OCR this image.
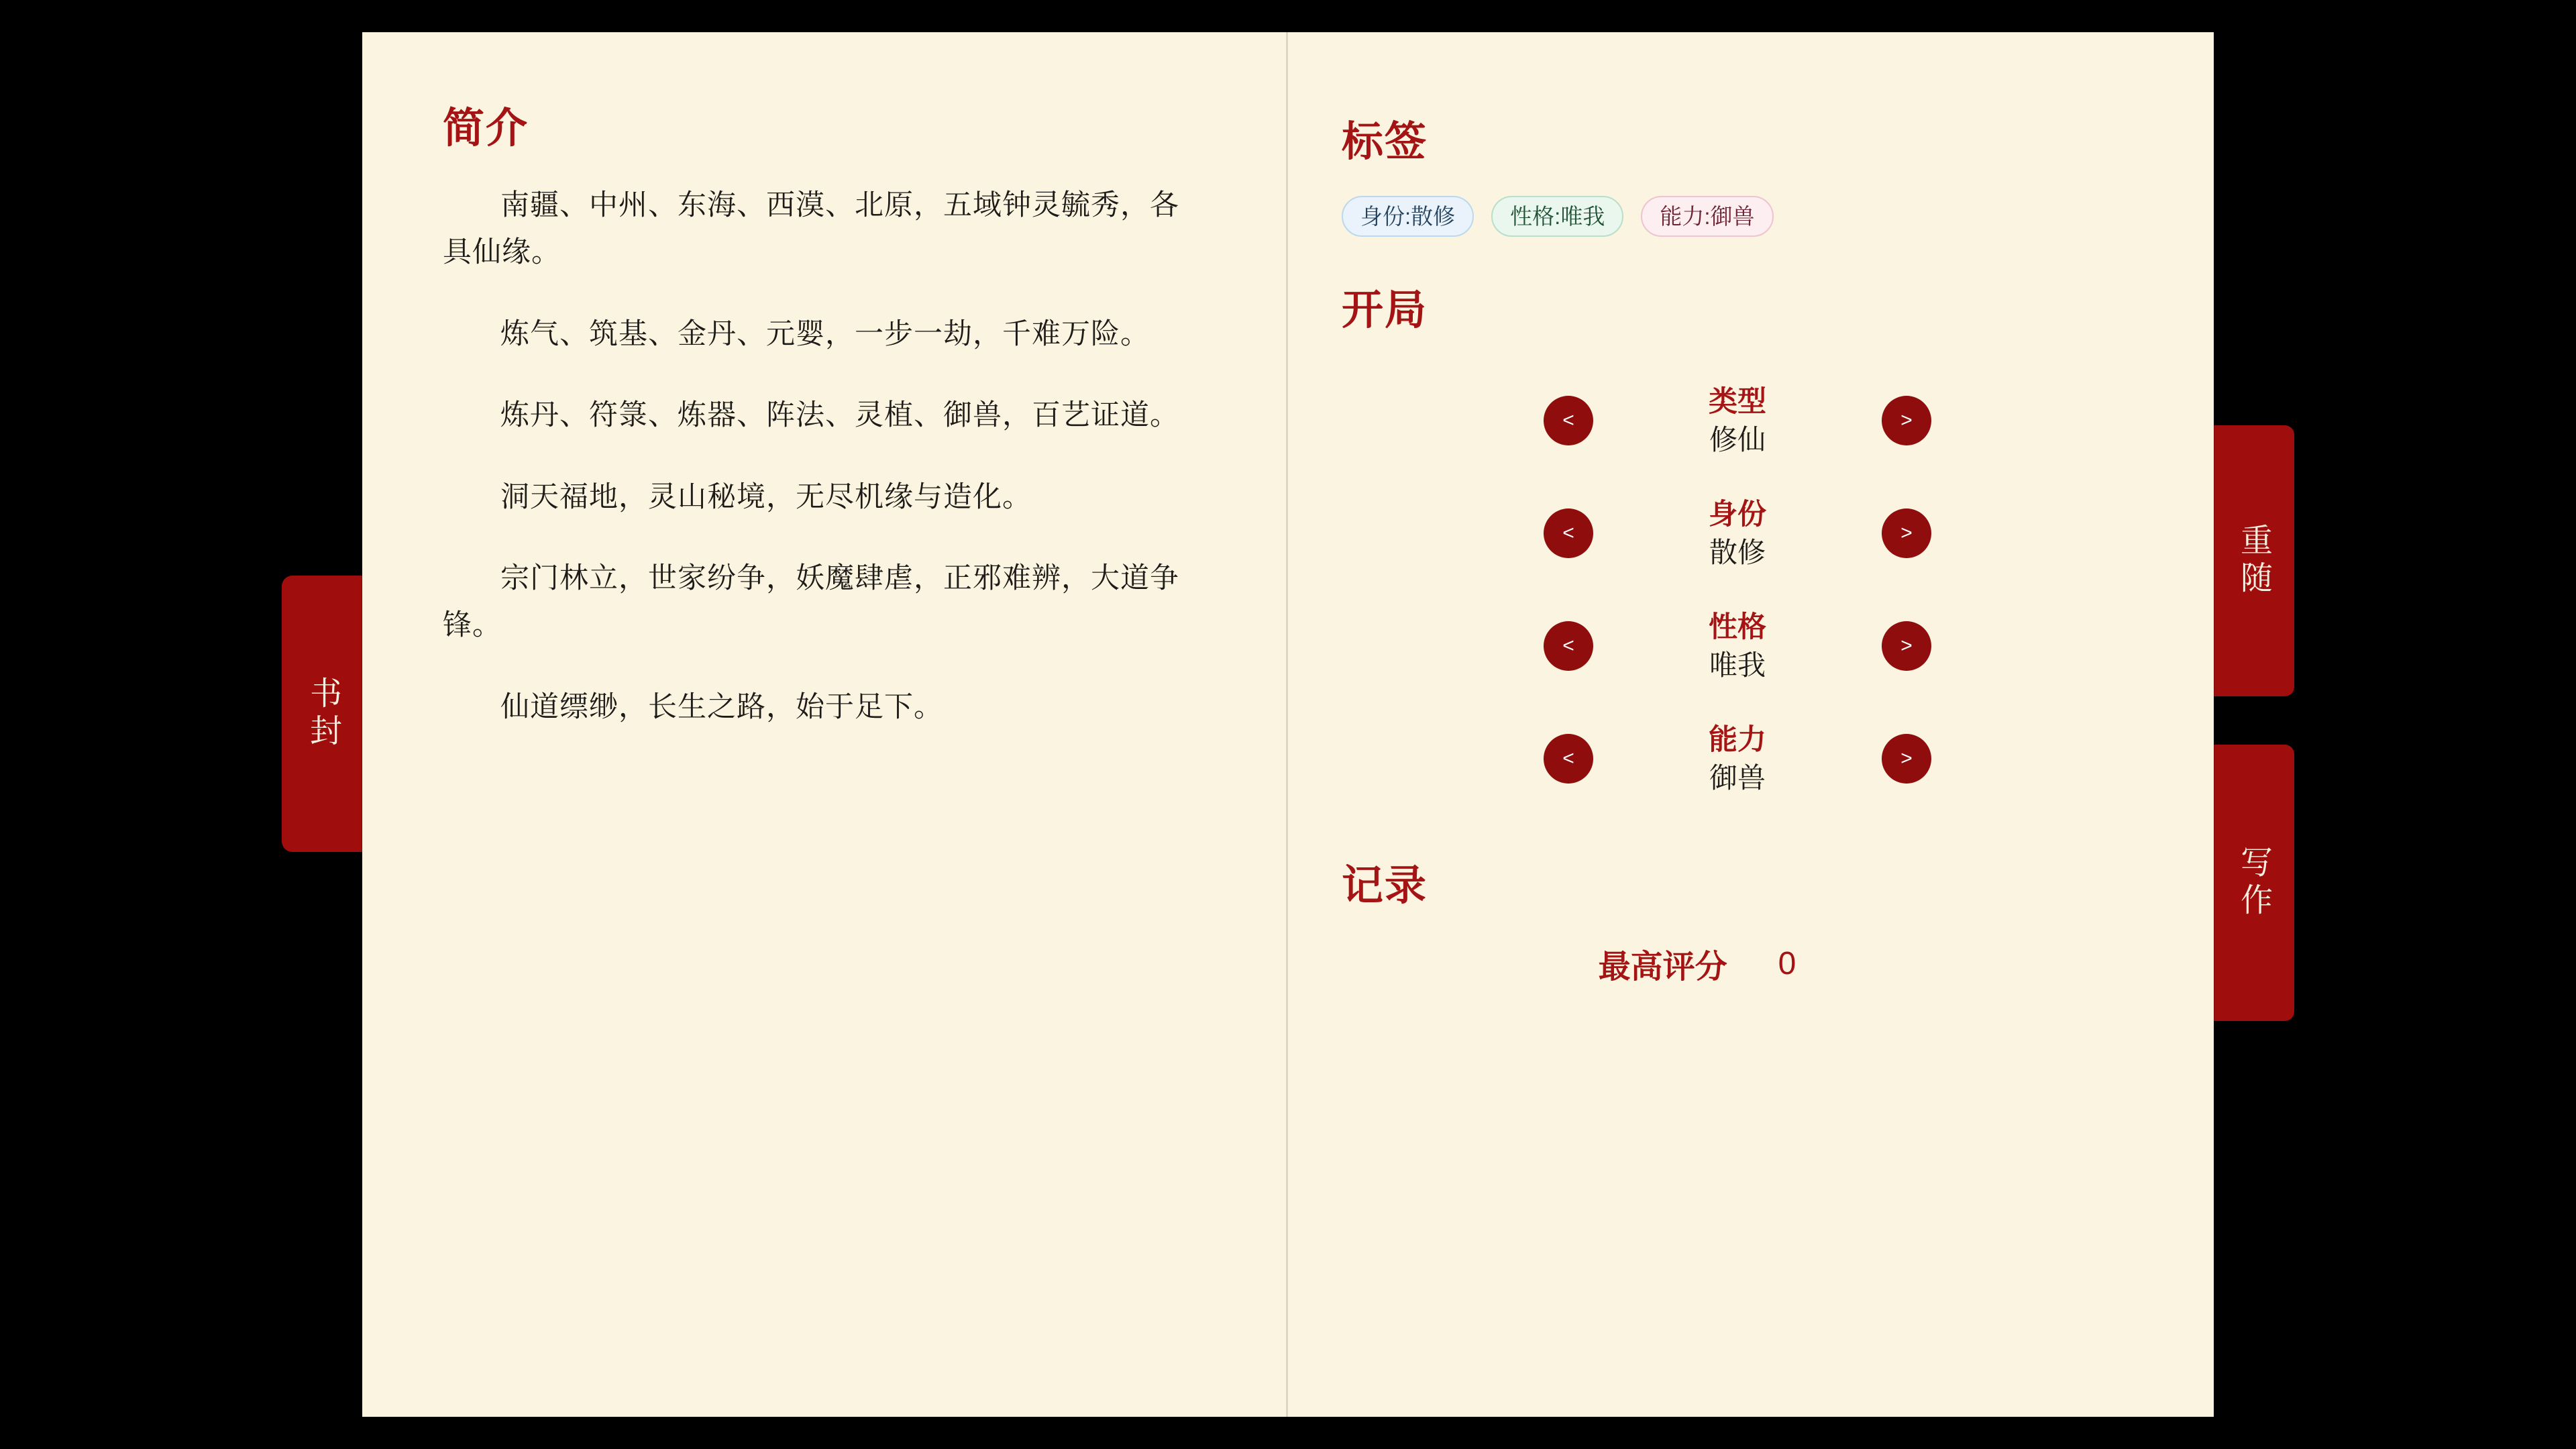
书封
重随
写作
简介

南疆、中州、东海、西漠、北原，五域钟灵毓秀，各具仙缘。

炼气、筑基、金丹、元婴，一步一劫，千难万险。

炼丹、符箓、炼器、阵法、灵植、御兽，百艺证道。

洞天福地，灵山秘境，无尽机缘与造化。

宗门林立，世家纷争，妖魔肆虐，正邪难辨，大道争锋。

仙道缥缈，长生之路，始于足下。

标签
身份:散修	性格:唯我	能力:御兽
开局
<
类型
修仙
>
<
身份
散修
>
<
性格
唯我
>
<
能力
御兽
>
记录
最高评分 0
